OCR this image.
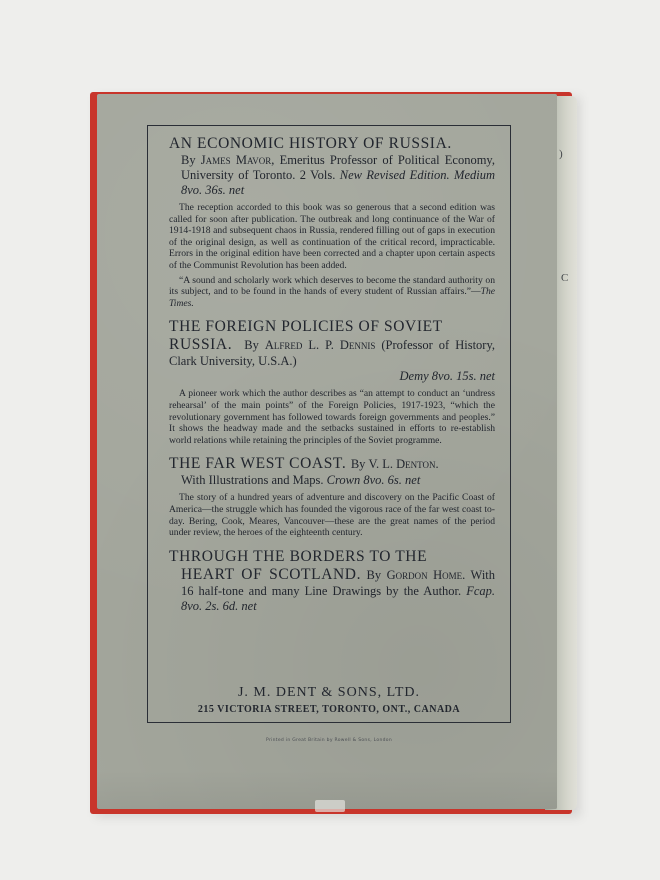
)
C

AN ECONOMIC HISTORY OF RUSSIA.

By James Mavor, Emeritus Professor of Political Economy, University of Toronto. 2 Vols. New Revised Edition. Medium 8vo. 36s. net

The reception accorded to this book was so generous that a second edition was called for soon after publication. The outbreak and long continuance of the War of 1914-1918 and subsequent chaos in Russia, rendered filling out of gaps in execution of the original design, as well as continuation of the critical record, impracticable. Errors in the original edition have been corrected and a chapter upon certain aspects of the Communist Revolution has been added.

“A sound and scholarly work which deserves to become the standard authority on its subject, and to be found in the hands of every student of Russian affairs.”—The Times.

THE FOREIGN POLICIES OF SOVIET

RUSSIA. By Alfred L. P. Dennis (Professor of History, Clark University, U.S.A.)

Demy 8vo. 15s. net

A pioneer work which the author describes as “an attempt to conduct an ‘undress rehearsal’ of the main points” of the Foreign Policies, 1917-1923, “which the revolutionary government has followed towards foreign governments and peoples.” It shows the headway made and the setbacks sustained in efforts to re-establish world relations while retaining the principles of the Soviet programme.

THE FAR WEST COAST. By V. L. Denton.

With Illustrations and Maps. Crown 8vo. 6s. net

The story of a hundred years of adventure and discovery on the Pacific Coast of America—the struggle which has founded the vigorous race of the far west coast to-day. Bering, Cook, Meares, Vancouver—these are the great names of the period under review, the heroes of the eighteenth century.

THROUGH THE BORDERS TO THE

HEART OF SCOTLAND. By Gordon Home. With 16 half-tone and many Line Drawings by the Author. Fcap. 8vo. 2s. 6d. net

J. M. DENT & SONS, LTD.
215 VICTORIA STREET, TORONTO, ONT., CANADA
Printed in Great Britain by Rowell & Sons, London
